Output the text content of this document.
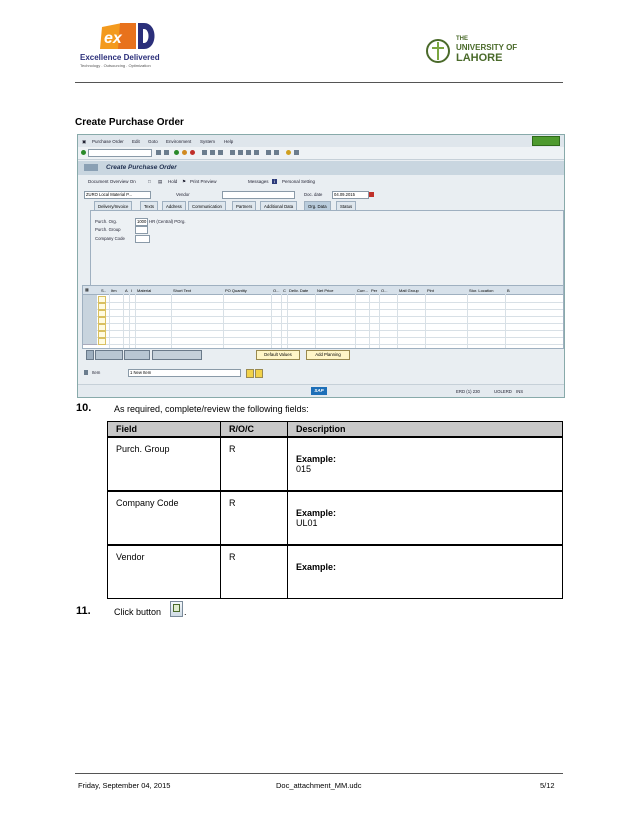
ex
Excellence Delivered
Technology . Outsourcing . Optimization
THE
UNIVERSITY OF
LAHORE
Create Purchase Order
▣ Purchase Order Edit Goto Environment System Help
Create Purchase Order
Document Overview On	□ ▤ Hold ⚑ Print Preview	Messages	i	Personal Setting
ZURO Local Material P...	Vendor	Doc. date	04.09.2015
Delivery/Invoice	Texts	Address	Communication	Partners	Additional Data	Org. Data	Status
Purch. Org.	1000 HR (Central) POrg.
Purch. Group
Company Code
S.. Itm A I Material	Short Text	PO Quantity	O... C Deliv. Date Net Price	Curr... Per O...	Matl Group Plnt	Stor. Location	B
▦
Default Values	Add Planning
Item	1 New Item
SAP	ERD (1) 230	UOLERD INS
10.	As required, complete/review the following fields:
Field	R/O/C	Description
Purch. Group	R	Example:
015

Company Code	R	Example:
UL01

Vendor	R	Example:
11.	Click button	.
Friday, September 04, 2015	Doc_attachment_MM.udc	5/12
